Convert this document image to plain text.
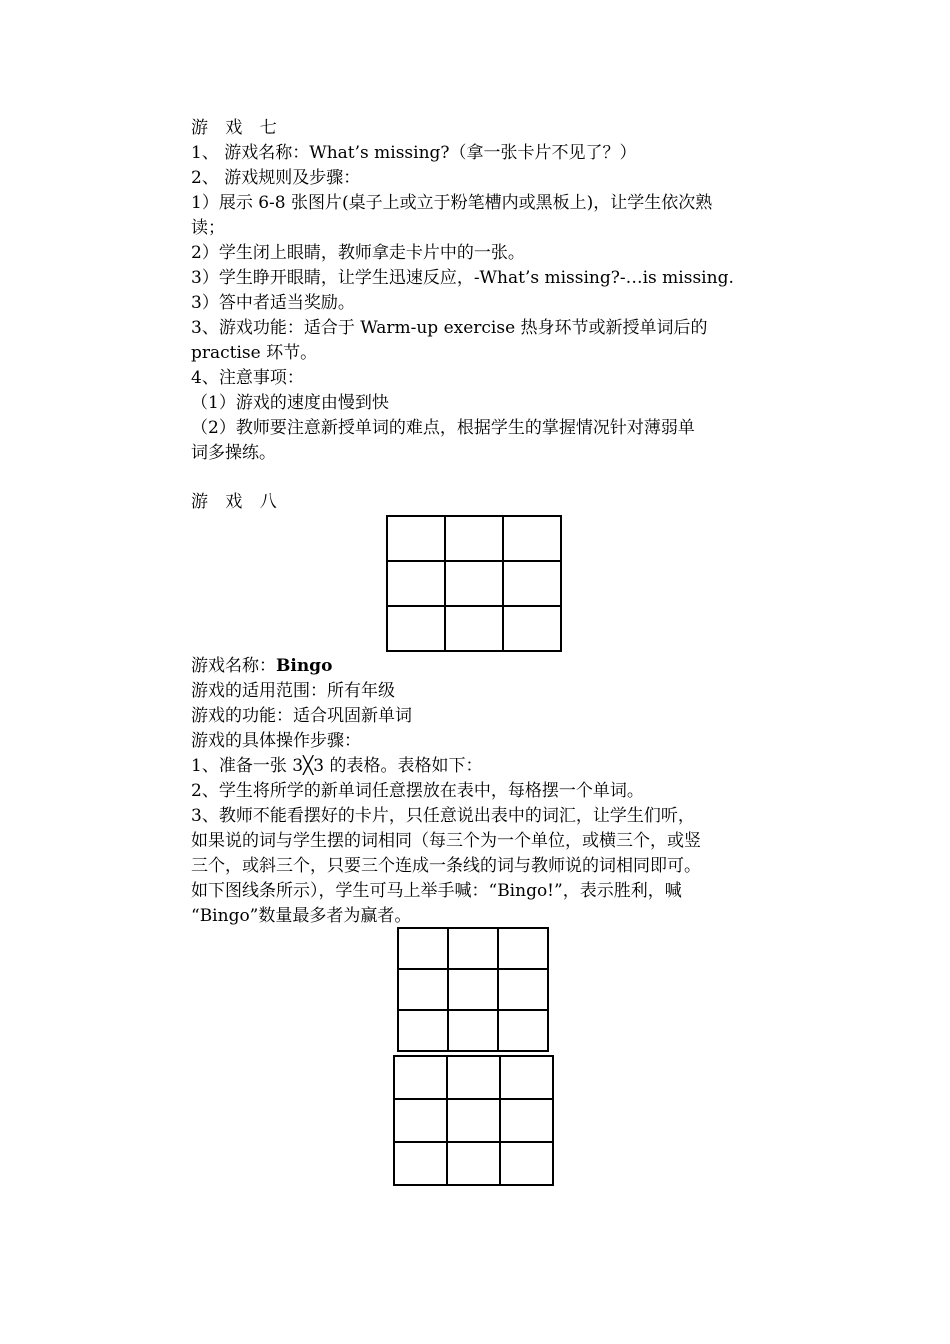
游 戏 七
1、 游戏名称：What’s missing?（拿一张卡片不见了？）
2、 游戏规则及步骤：
1）展示 6-8 张图片(桌子上或立于粉笔槽内或黑板上)，让学生依次熟
读；
2）学生闭上眼睛，教师拿走卡片中的一张。
3）学生睁开眼睛，让学生迅速反应，-What’s missing?-…is missing.
3）答中者适当奖励。
3、游戏功能：适合于 Warm-up exercise 热身环节或新授单词后的
practise 环节。
4、注意事项：
（1）游戏的速度由慢到快
（2）教师要注意新授单词的难点，根据学生的掌握情况针对薄弱单
词多操练。
游 戏 八

游戏名称：Bingo
游戏的适用范围：所有年级
游戏的功能：适合巩固新单词
游戏的具体操作步骤：
1、准备一张 3╳3 的表格。表格如下：
2、学生将所学的新单词任意摆放在表中，每格摆一个单词。
3、教师不能看摆好的卡片，只任意说出表中的词汇，让学生们听，
如果说的词与学生摆的词相同（每三个为一个单位，或横三个，或竖
三个，或斜三个，只要三个连成一条线的词与教师说的词相同即可。
如下图线条所示），学生可马上举手喊：“Bingo!”，表示胜利，喊
“Bingo”数量最多者为赢者。
